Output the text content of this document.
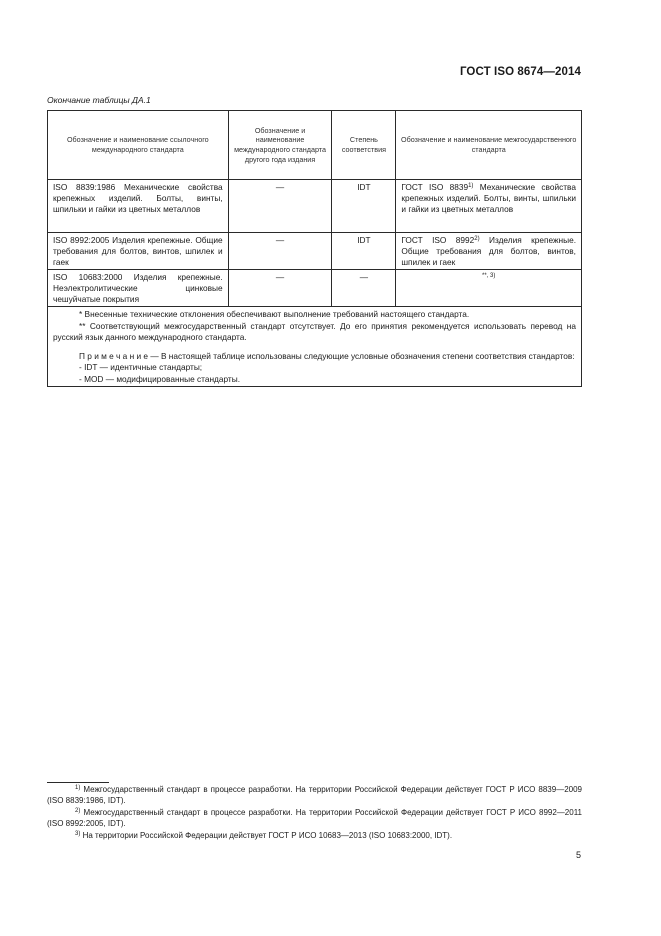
ГОСТ ISO 8674—2014
Окончание таблицы ДА.1
Обозначение и наименование ссылочного международного стандарта	Обозначение и наименование международного стандарта другого года издания	Степень соответствия	Обозначение и наименование межгосударственного стандарта
ISO 8839:1986 Механические свойства крепежных изделий. Болты, винты, шпильки и гайки из цветных металлов	—	IDT	ГОСТ ISO 8839$^{1)}$ Механические свойства крепежных изделий. Болты, винты, шпильки и гайки из цветных металлов
ISO 8992:2005 Изделия крепежные. Общие требования для болтов, винтов, шпилек и гаек	—	IDT	ГОСТ ISO 8992$^{2)}$ Изделия крепежные. Общие требования для болтов, винтов, шпилек и гаек
ISO 10683:2000 Изделия крепежные. Неэлектролитические цинковые чешуйчатые покрытия	—	—	$^{**, 3)}$

* Внесенные технические отклонения обеспечивают выполнение требований настоящего стандарта.

** Соответствующий межгосударственный стандарт отсутствует. До его принятия рекомендуется использовать перевод на русский язык данного международного стандарта.

П р и м е ч а н и е — В настоящей таблице использованы следующие условные обозначения степени соответствия стандартов:

- IDT — идентичные стандарты;

- MOD — модифицированные стандарты.			

$^{1)}$ Межгосударственный стандарт в процессе разработки. На территории Российской Федерации действует ГОСТ Р ИСО 8839—2009 (ISO 8839:1986, IDT).

$^{2)}$ Межгосударственный стандарт в процессе разработки. На территории Российской Федерации действует ГОСТ Р ИСО 8992—2011 (ISO 8992:2005, IDT).

$^{3)}$ На территории Российской Федерации действует ГОСТ Р ИСО 10683—2013 (ISO 10683:2000, IDT).

5
